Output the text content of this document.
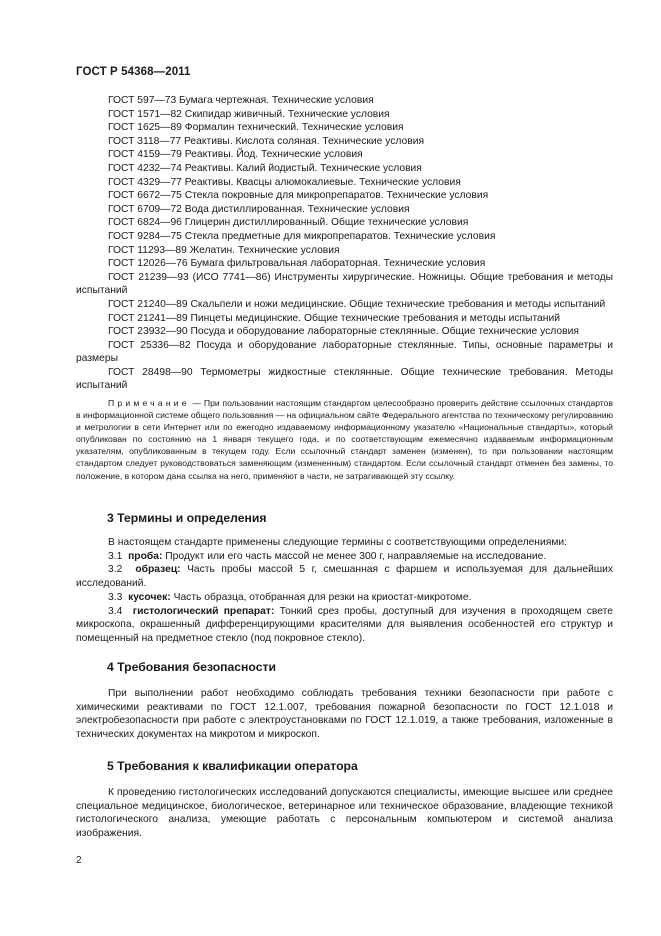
ГОСТ Р 54368—2011

ГОСТ 597—73 Бумага чертежная. Технические условия

ГОСТ 1571—82 Скипидар живичный. Технические условия

ГОСТ 1625—89 Формалин технический. Технические условия

ГОСТ 3118—77 Реактивы. Кислота соляная. Технические условия

ГОСТ 4159—79 Реактивы. Йод. Технические условия

ГОСТ 4232—74 Реактивы. Калий йодистый. Технические условия

ГОСТ 4329—77 Реактивы. Квасцы алюмокалиевые. Технические условия

ГОСТ 6672—75 Стекла покровные для микропрепаратов. Технические условия

ГОСТ 6709—72 Вода дистиллированная. Технические условия

ГОСТ 6824—96 Глицерин дистиллированный. Общие технические условия

ГОСТ 9284—75 Стекла предметные для микропрепаратов. Технические условия

ГОСТ 11293—89 Желатин. Технические условия

ГОСТ 12026—76 Бумага фильтровальная лабораторная. Технические условия

ГОСТ 21239—93 (ИСО 7741—86) Инструменты хирургические. Ножницы. Общие требования и методы испытаний

ГОСТ 21240—89 Скальпели и ножи медицинские. Общие технические требования и методы испытаний

ГОСТ 21241—89 Пинцеты медицинские. Общие технические требования и методы испытаний

ГОСТ 23932—90 Посуда и оборудование лабораторные стеклянные. Общие технические условия

ГОСТ 25336—82 Посуда и оборудование лабораторные стеклянные. Типы, основные параметры и размеры

ГОСТ 28498—90 Термометры жидкостные стеклянные. Общие технические требования. Методы испытаний

Примечание — При пользовании настоящим стандартом целесообразно проверить действие ссылочных стандартов в информационной системе общего пользования — на официальном сайте Федерального агентства по техническому регулированию и метрологии в сети Интернет или по ежегодно издаваемому информационному указателю «Национальные стандарты», который опубликован по состоянию на 1 января текущего года, и по соответствующим ежемесячно издаваемым информационным указателям, опубликованным в текущем году. Если ссылочный стандарт заменен (изменен), то при пользовании настоящим стандартом следует руководствоваться заменяющим (измененным) стандартом. Если ссылочный стандарт отменен без замены, то положение, в котором дана ссылка на него, применяют в части, не затрагивающей эту ссылку.
3 Термины и определения

В настоящем стандарте применены следующие термины с соответствующими определениями:

3.1 проба: Продукт или его часть массой не менее 300 г, направляемые на исследование.

3.2 образец: Часть пробы массой 5 г, смешанная с фаршем и используемая для дальнейших исследований.

3.3 кусочек: Часть образца, отобранная для резки на криостат-микротоме.

3.4 гистологический препарат: Тонкий срез пробы, доступный для изучения в проходящем свете микроскопа, окрашенный дифференцирующими красителями для выявления особенностей его структур и помещенный на предметное стекло (под покровное стекло).

4 Требования безопасности

При выполнении работ необходимо соблюдать требования техники безопасности при работе с химическими реактивами по ГОСТ 12.1.007, требования пожарной безопасности по ГОСТ 12.1.018 и электробезопасности при работе с электроустановками по ГОСТ 12.1.019, а также требования, изложенные в технических документах на микротом и микроскоп.

5 Требования к квалификации оператора

К проведению гистологических исследований допускаются специалисты, имеющие высшее или среднее специальное медицинское, биологическое, ветеринарное или техническое образование, владеющие техникой гистологического анализа, умеющие работать с персональным компьютером и системой анализа изображения.

2
